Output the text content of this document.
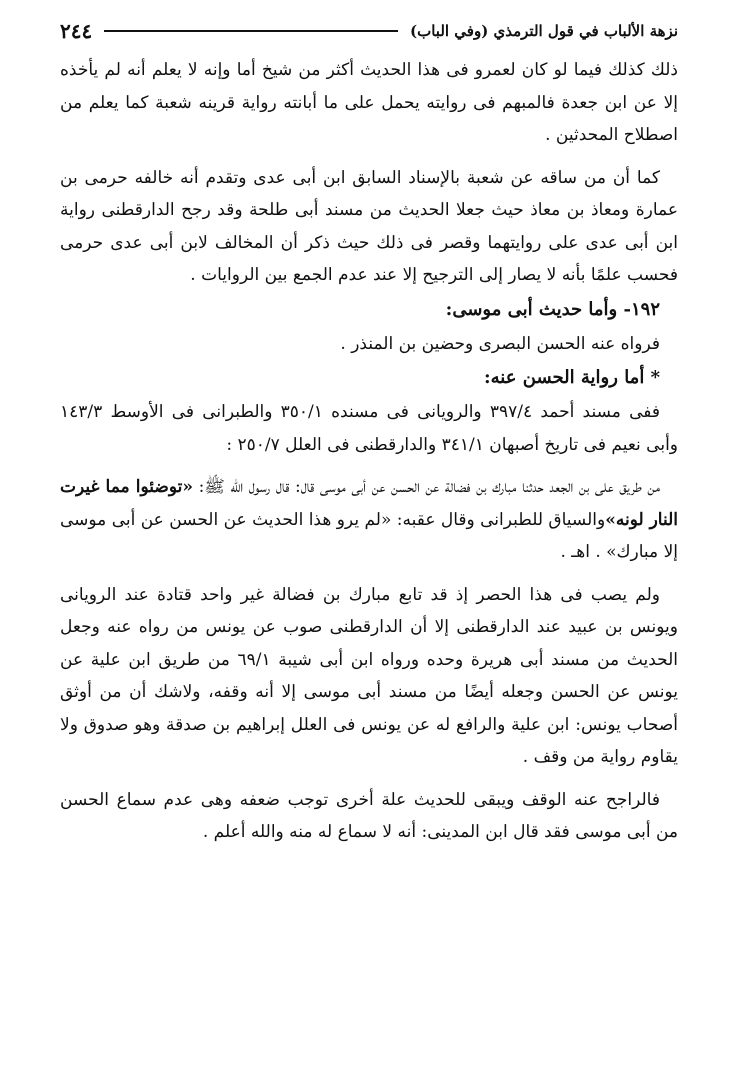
نزهة الألباب في قول الترمذي (وفي الباب)
٢٤٤

ذلك كذلك فيما لو كان لعمرو فى هذا الحديث أكثر من شيخ أما وإنه لا يعلم أنه لم يأخذه إلا عن ابن جعدة فالمبهم فى روايته يحمل على ما أبانته رواية قرينه شعبة كما يعلم من اصطلاح المحدثين .

كما أن من ساقه عن شعبة بالإسناد السابق ابن أبى عدى وتقدم أنه خالفه حرمى بن عمارة ومعاذ بن معاذ حيث جعلا الحديث من مسند أبى طلحة وقد رجح الدارقطنى رواية ابن أبى عدى على روايتهما وقصر فى ذلك حيث ذكر أن المخالف لابن أبى عدى حرمى فحسب علمًا بأنه لا يصار إلى الترجيح إلا عند عدم الجمع بين الروايات .

١٩٢- وأما حديث أبى موسى:

فرواه عنه الحسن البصرى وحضين بن المنذر .

* أما رواية الحسن عنه:

ففى مسند أحمد ٣٩٧/٤ والرويانى فى مسنده ٣٥٠/١ والطبرانى فى الأوسط ١٤٣/٣ وأبى نعيم فى تاريخ أصبهان ٣٤١/١ والدارقطنى فى العلل ٢٥٠/٧ :

من طريق على بن الجعد حدثنا مبارك بن فضالة عن الحسن عن أبى موسى قال: قال رسول الله ﷺ: «توضئوا مما غيرت النار لونه»والسياق للطبرانى وقال عقبه: «لم يرو هذا الحديث عن الحسن عن أبى موسى إلا مبارك» . اهـ .

ولم يصب فى هذا الحصر إذ قد تابع مبارك بن فضالة غير واحد قتادة عند الرويانى ويونس بن عبيد عند الدارقطنى إلا أن الدارقطنى صوب عن يونس من رواه عنه وجعل الحديث من مسند أبى هريرة وحده ورواه ابن أبى شيبة ٦٩/١ من طريق ابن علية عن يونس عن الحسن وجعله أيضًا من مسند أبى موسى إلا أنه وقفه، ولاشك أن من أوثق أصحاب يونس: ابن علية والرافع له عن يونس فى العلل إبراهيم بن صدقة وهو صدوق ولا يقاوم رواية من وقف .

فالراجح عنه الوقف ويبقى للحديث علة أخرى توجب ضعفه وهى عدم سماع الحسن من أبى موسى فقد قال ابن المدينى: أنه لا سماع له منه والله أعلم .
